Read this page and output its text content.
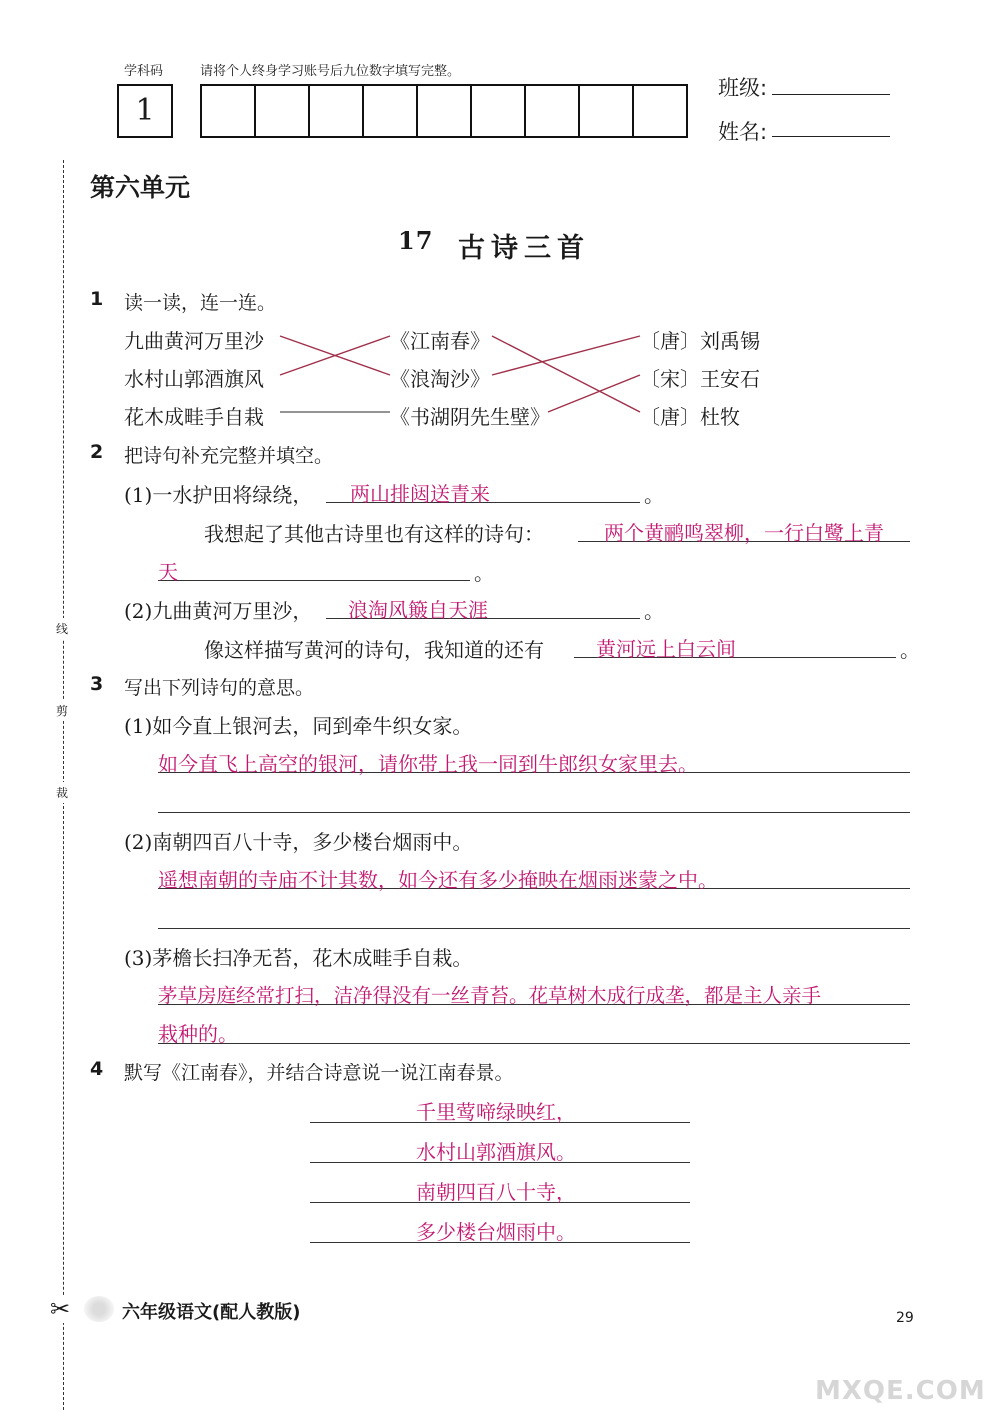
学科码	请将个人终身学习账号后九位数字填写完整。
1
班级:
姓名:
线
剪
裁
✂
第六单元
17 古诗三首
1 读一读，连一连。
九曲黄河万里沙
水村山郭酒旗风
花木成畦手自栽
《江南春》
《浪淘沙》
《书湖阴先生壁》
〔唐〕刘禹锡
〔宋〕王安石
〔唐〕杜牧
2 把诗句补充完整并填空。
(1)一水护田将绿绕， 两山排闼送青来	。
我想起了其他古诗里也有这样的诗句：	两个黄鹂鸣翠柳，一行白鹭上青
天	。
(2)九曲黄河万里沙， 浪淘风簸自天涯	。
像这样描写黄河的诗句，我知道的还有	黄河远上白云间	。
3 写出下列诗句的意思。
(1)如今直上银河去，同到牵牛织女家。
如今直飞上高空的银河，请你带上我一同到牛郎织女家里去。
(2)南朝四百八十寺，多少楼台烟雨中。
遥想南朝的寺庙不计其数，如今还有多少掩映在烟雨迷蒙之中。
(3)茅檐长扫净无苔，花木成畦手自栽。
茅草房庭经常打扫，洁净得没有一丝青苔。花草树木成行成垄，都是主人亲手
栽种的。
4 默写《江南春》，并结合诗意说一说江南春景。
千里莺啼绿映红，
水村山郭酒旗风。
南朝四百八十寺，
多少楼台烟雨中。
六年级语文(配人教版)	29
MXQE.COM
